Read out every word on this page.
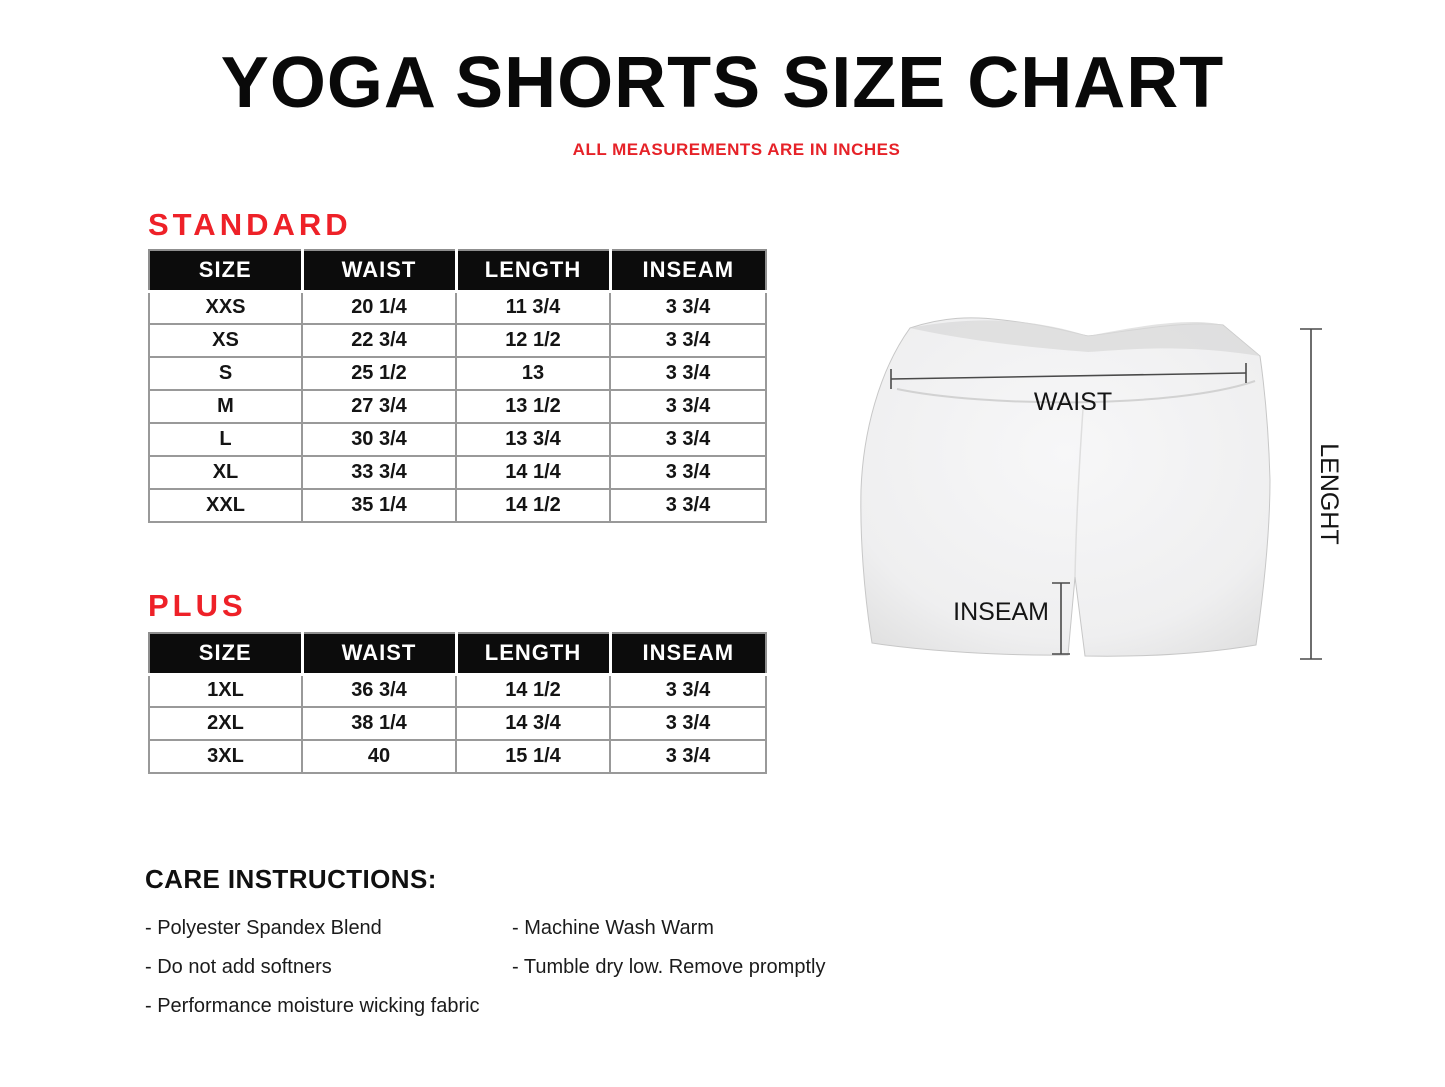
YOGA SHORTS SIZE CHART
ALL MEASUREMENTS ARE IN INCHES
STANDARD
SIZE	WAIST	LENGTH	INSEAM
XXS	20 1/4	11 3/4	3 3/4
XS	22 3/4	12 1/2	3 3/4
S	25 1/2	13	3 3/4
M	27 3/4	13 1/2	3 3/4
L	30 3/4	13 3/4	3 3/4
XL	33 3/4	14 1/4	3 3/4
XXL	35 1/4	14 1/2	3 3/4
PLUS
SIZE	WAIST	LENGTH	INSEAM
1XL	36 3/4	14 1/2	3 3/4
2XL	38 1/4	14 3/4	3 3/4
3XL	40	15 1/4	3 3/4
WAIST
INSEAM
LENGHT
CARE INSTRUCTIONS:
- Polyester Spandex Blend
- Do not add softners
- Performance moisture wicking fabric
- Machine Wash Warm
- Tumble dry low. Remove promptly
